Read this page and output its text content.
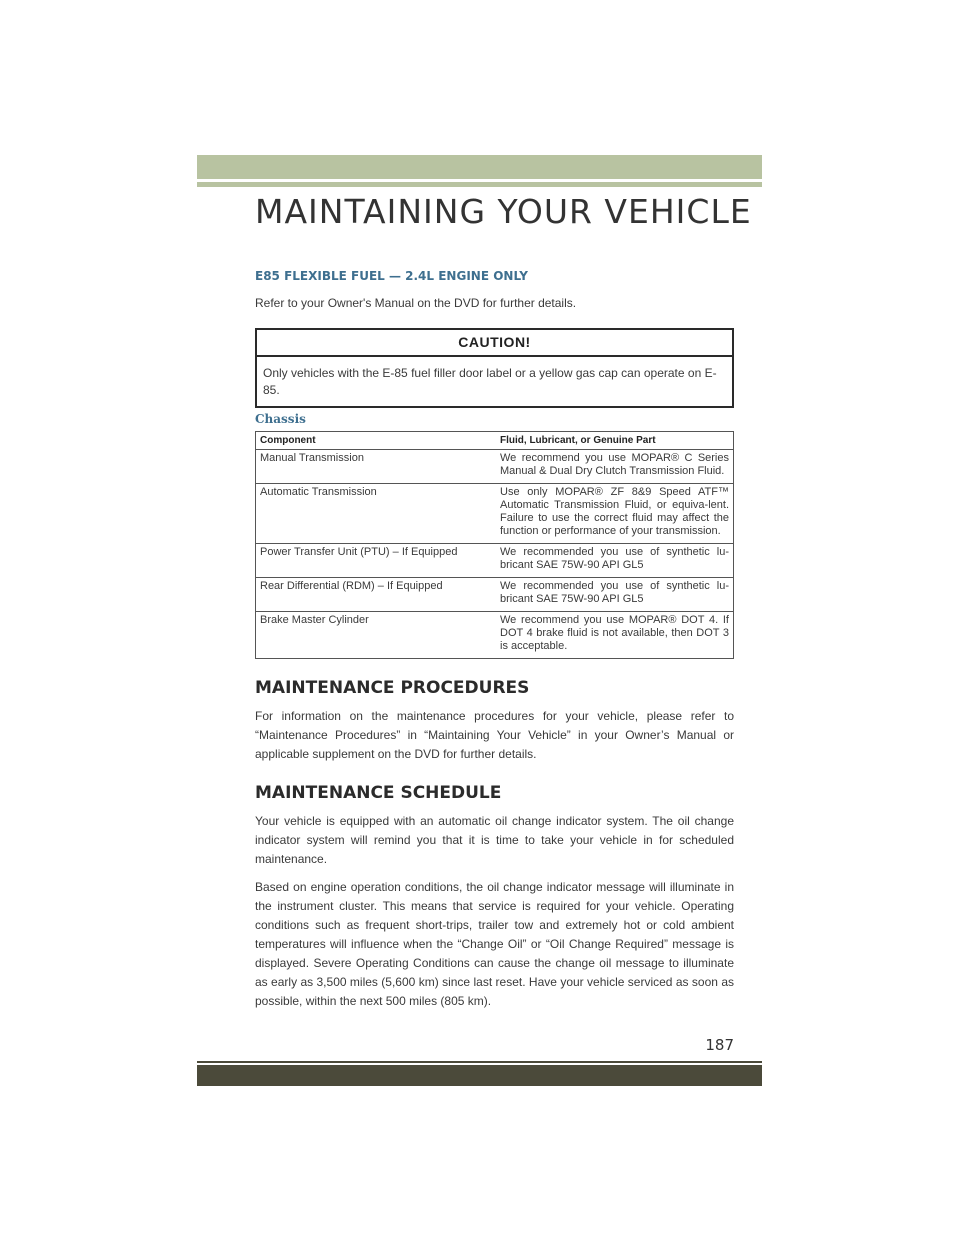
MAINTAINING YOUR VEHICLE
E85 FLEXIBLE FUEL — 2.4L ENGINE ONLY

Refer to your Owner's Manual on the DVD for further details.

CAUTION!
Only vehicles with the E-85 fuel filler door label or a yellow gas cap can operate on E-85.
Chassis
Component	Fluid, Lubricant, or Genuine Part
Manual Transmission	We recommend you use MOPAR® C Series Manual & Dual Dry Clutch Transmission Fluid.
Automatic Transmission	Use only MOPAR® ZF 8&9 Speed ATF™ Automatic Transmission Fluid, or equiva-lent. Failure to use the correct fluid may affect the function or performance of your transmission.
Power Transfer Unit (PTU) – If Equipped	We recommended you use of synthetic lu-bricant SAE 75W-90 API GL5
Rear Differential (RDM) – If Equipped	We recommended you use of synthetic lu-bricant SAE 75W-90 API GL5
Brake Master Cylinder	We recommend you use MOPAR® DOT 4. If DOT 4 brake fluid is not available, then DOT 3 is acceptable.
MAINTENANCE PROCEDURES

For information on the maintenance procedures for your vehicle, please refer to “Maintenance Procedures” in “Maintaining Your Vehicle” in your Owner’s Manual or applicable supplement on the DVD for further details.

MAINTENANCE SCHEDULE

Your vehicle is equipped with an automatic oil change indicator system. The oil change indicator system will remind you that it is time to take your vehicle in for scheduled maintenance.

Based on engine operation conditions, the oil change indicator message will illuminate in the instrument cluster. This means that service is required for your vehicle. Operating conditions such as frequent short-trips, trailer tow and extremely hot or cold ambient temperatures will influence when the “Change Oil” or “Oil Change Required” message is displayed. Severe Operating Conditions can cause the change oil message to illuminate as early as 3,500 miles (5,600 km) since last reset. Have your vehicle serviced as soon as possible, within the next 500 miles (805 km).

187
